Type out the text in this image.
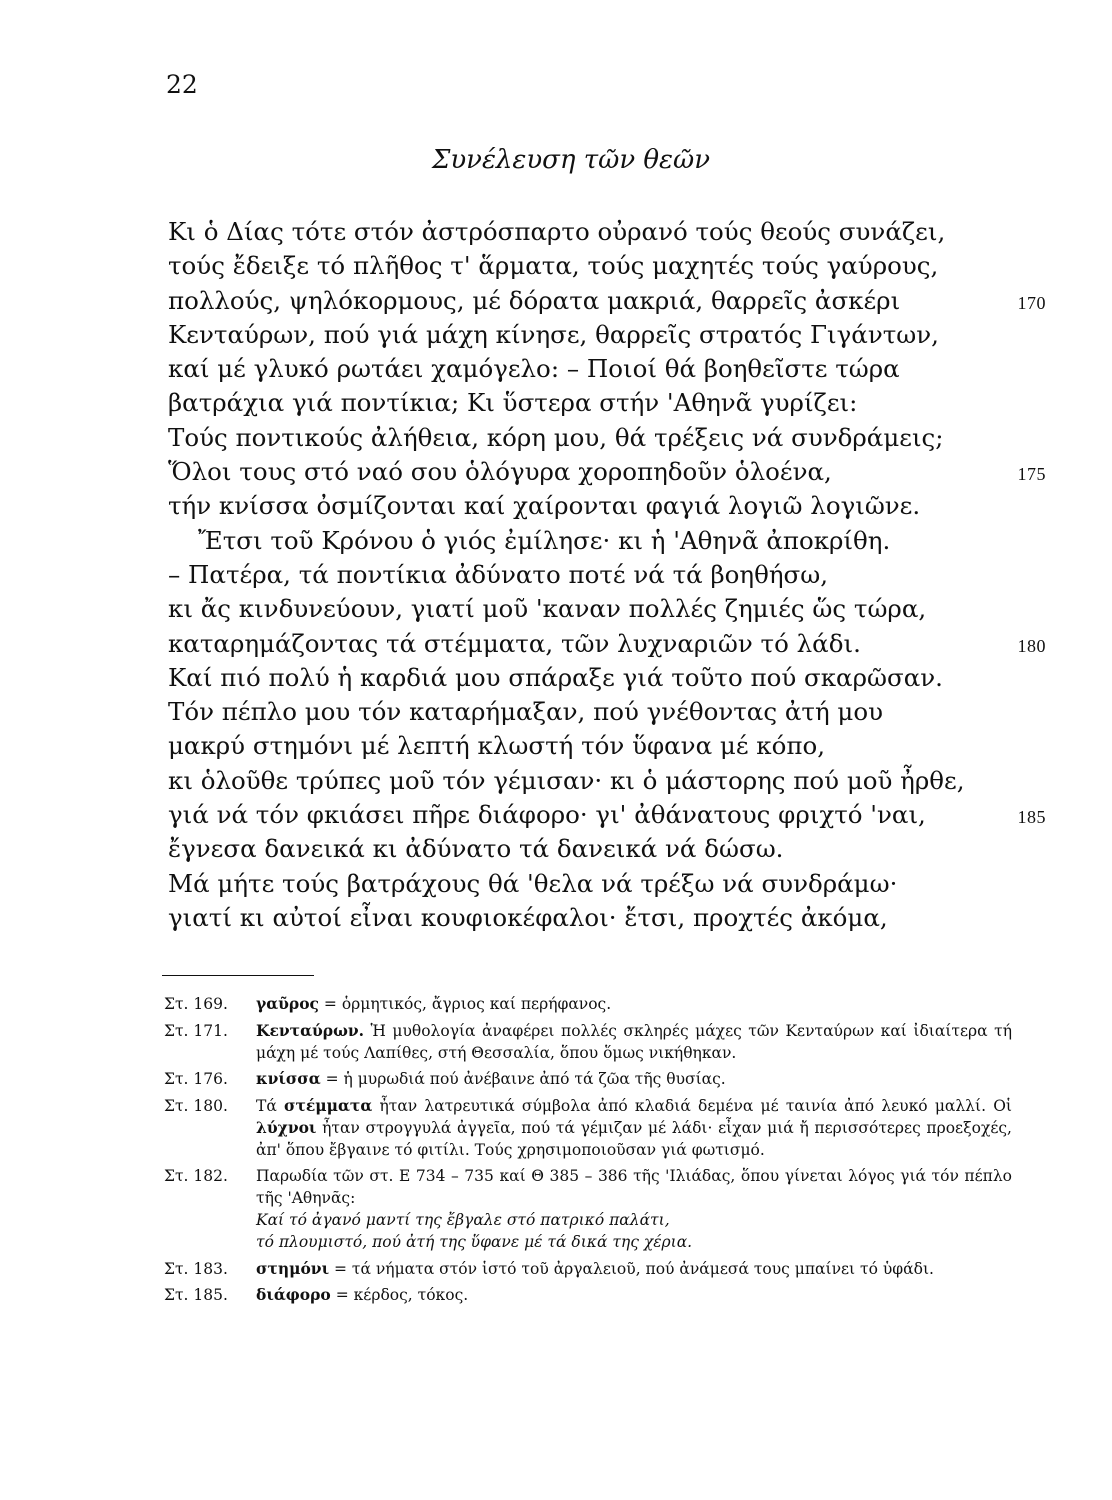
22
Συνέλευση τῶν θεῶν
Κι ὁ Δίας τότε στόν ἀστρόσπαρτο οὐρανό τούς θεούς συνάζει,
τούς ἔδειξε τό πλῆθος τ' ἅρματα, τούς μαχητές τούς γαύρους,
πολλούς, ψηλόκορμους, μέ δόρατα μακριά, θαρρεῖς ἀσκέρι	170
Κενταύρων, πού γιά μάχη κίνησε, θαρρεῖς στρατός Γιγάντων,
καί μέ γλυκό ρωτάει χαμόγελο: – Ποιοί θά βοηθεῖστε τώρα
βατράχια γιά ποντίκια; Κι ὕστερα στήν 'Αθηνᾶ γυρίζει:
Τούς ποντικούς ἀλήθεια, κόρη μου, θά τρέξεις νά συνδράμεις;
Ὅλοι τους στό ναό σου ὁλόγυρα χοροπηδοῦν ὁλοένα,	175
τήν κνίσσα ὀσμίζονται καί χαίρονται φαγιά λογιῶ λογιῶνε.
Ἔτσι τοῦ Κρόνου ὁ γιός ἐμίλησε· κι ἡ 'Αθηνᾶ ἀποκρίθη.
– Πατέρα, τά ποντίκια ἀδύνατο ποτέ νά τά βοηθήσω,
κι ἄς κινδυνεύουν, γιατί μοῦ 'καναν πολλές ζημιές ὥς τώρα,
καταρημάζοντας τά στέμματα, τῶν λυχναριῶν τό λάδι.	180
Καί πιό πολύ ἡ καρδιά μου σπάραξε γιά τοῦτο πού σκαρῶσαν.
Τόν πέπλο μου τόν καταρήμαξαν, πού γνέθοντας ἀτή μου
μακρύ στημόνι μέ λεπτή κλωστή τόν ὕφανα μέ κόπο,
κι ὁλοῦθε τρύπες μοῦ τόν γέμισαν· κι ὁ μάστορης πού μοῦ ἦρθε,
γιά νά τόν φκιάσει πῆρε διάφορο· γι' ἀθάνατους φριχτό 'ναι,	185
ἔγνεσα δανεικά κι ἀδύνατο τά δανεικά νά δώσω.
Μά μήτε τούς βατράχους θά 'θελα νά τρέξω νά συνδράμω·
γιατί κι αὐτοί εἶναι κουφιοκέφαλοι· ἔτσι, προχτές ἀκόμα,
Στ. 169.	γαῦρος = ὁρμητικός, ἄγριος καί περήφανος.
Στ. 171.	Κενταύρων. Ἡ μυθολογία ἀναφέρει πολλές σκληρές μάχες τῶν Κενταύρων καί ἰδιαίτερα τή μάχη μέ τούς Λαπίθες, στή Θεσσαλία, ὅπου ὅμως νικήθηκαν.
Στ. 176.	κνίσσα = ἡ μυρωδιά πού ἀνέβαινε ἀπό τά ζῶα τῆς θυσίας.
Στ. 180.	Τά στέμματα ἦταν λατρευτικά σύμβολα ἀπό κλαδιά δεμένα μέ ταινία ἀπό λευκό μαλλί. Οἱ λύχνοι ἦταν στρογγυλά ἀγγεῖα, πού τά γέμιζαν μέ λάδι· εἶχαν μιά ἤ περισσότερες προεξοχές, ἀπ' ὅπου ἔβγαινε τό φιτίλι. Τούς χρησιμοποιοῦσαν γιά φωτισμό.
Στ. 182.	Παρωδία τῶν στ. Ε 734 – 735 καί Θ 385 – 386 τῆς 'Ιλιάδας, ὅπου γίνεται λόγος γιά τόν πέπλο τῆς 'Αθηνᾶς:
Καί τό ἀγανό μαντί της ἔβγαλε στό πατρικό παλάτι,
τό πλουμιστό, πού ἀτή της ὕφανε μέ τά δικά της χέρια.
Στ. 183.	στημόνι = τά νήματα στόν ἱστό τοῦ ἀργαλειοῦ, πού ἀνάμεσά τους μπαίνει τό ὑφάδι.
Στ. 185.	διάφορο = κέρδος, τόκος.
